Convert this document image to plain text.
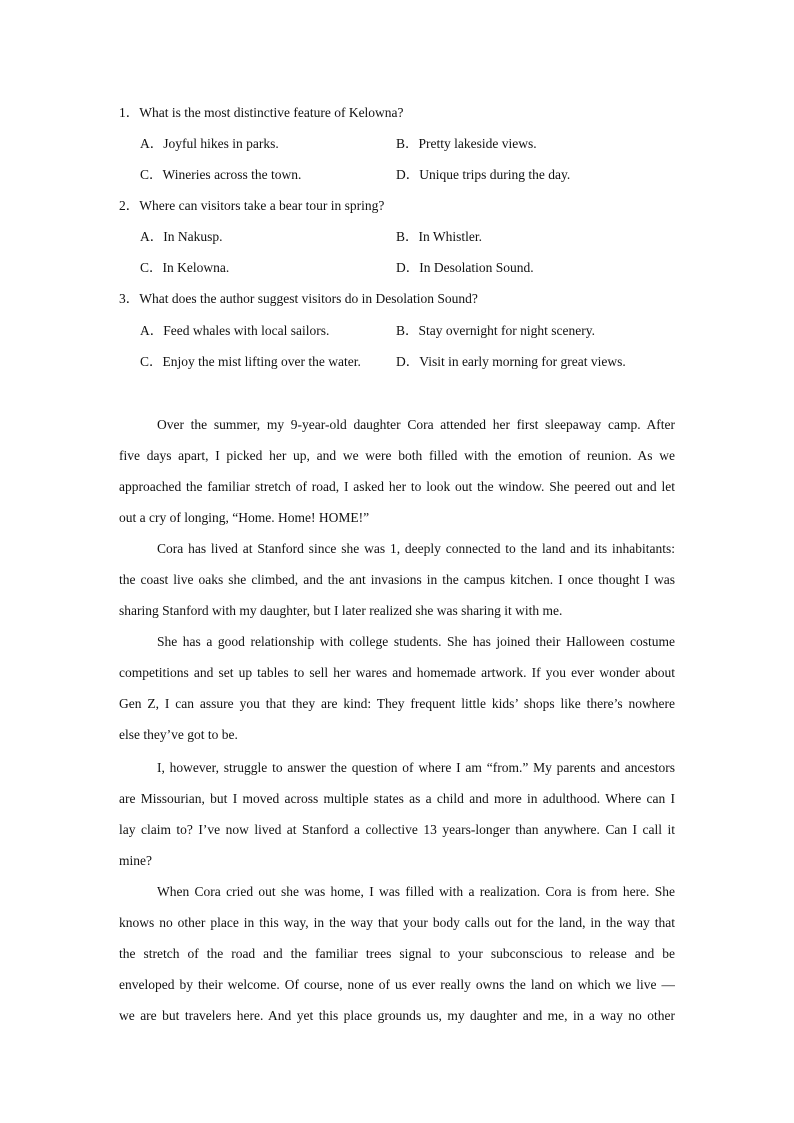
1．What is the most distinctive feature of Kelowna?
A．Joyful hikes in parks.	B．Pretty lakeside views.
C．Wineries across the town.	D．Unique trips during the day.
2．Where can visitors take a bear tour in spring?
A．In Nakusp.	B．In Whistler.
C．In Kelowna.	D．In Desolation Sound.
3．What does the author suggest visitors do in Desolation Sound?
A．Feed whales with local sailors.	B．Stay overnight for night scenery.
C．Enjoy the mist lifting over the water.	D．Visit in early morning for great views.
Over the summer, my 9-year-old daughter Cora attended her first sleepaway camp. After
five days apart, I picked her up, and we were both filled with the emotion of reunion. As we
approached the familiar stretch of road, I asked her to look out the window. She peered out and let
out a cry of longing, “Home. Home! HOME!”
Cora has lived at Stanford since she was 1, deeply connected to the land and its inhabitants:
the coast live oaks she climbed, and the ant invasions in the campus kitchen. I once thought I was
sharing Stanford with my daughter, but I later realized she was sharing it with me.
She has a good relationship with college students. She has joined their Halloween costume
competitions and set up tables to sell her wares and homemade artwork. If you ever wonder about
Gen Z, I can assure you that they are kind: They frequent little kids’ shops like there’s nowhere
else they’ve got to be.
I, however, struggle to answer the question of where I am “from.” My parents and ancestors
are Missourian, but I moved across multiple states as a child and more in adulthood. Where can I
lay claim to? I’ve now lived at Stanford a collective 13 years-longer than anywhere. Can I call it
mine?
When Cora cried out she was home, I was filled with a realization. Cora is from here. She
knows no other place in this way, in the way that your body calls out for the land, in the way that
the stretch of the road and the familiar trees signal to your subconscious to release and be
enveloped by their welcome. Of course, none of us ever really owns the land on which we live —
we are but travelers here. And yet this place grounds us, my daughter and me, in a way no other
